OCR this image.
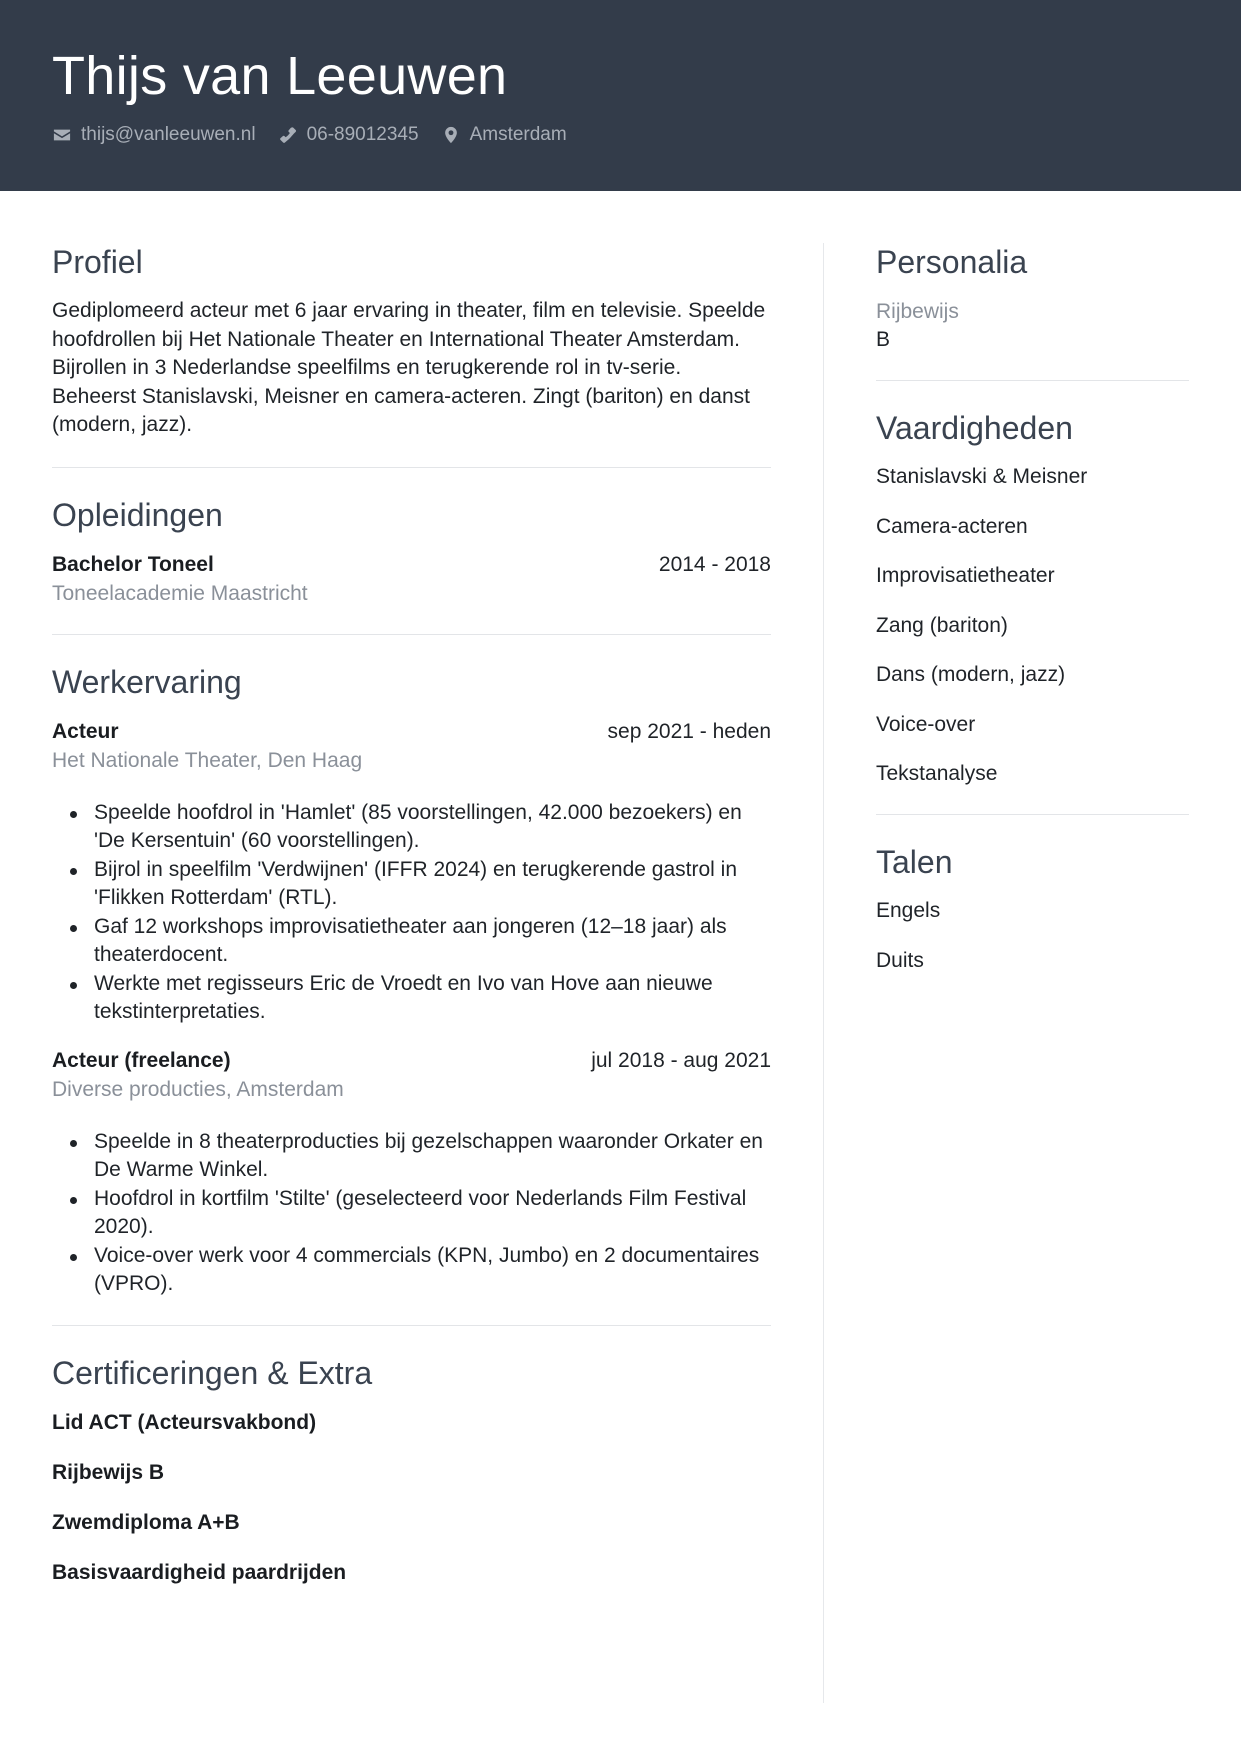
Thijs van Leeuwen
thijs@vanleeuwen.nl	06-89012345	Amsterdam
Profiel

Gediplomeerd acteur met 6 jaar ervaring in theater, film en televisie. Speelde hoofdrollen bij Het Nationale Theater en International Theater Amsterdam. Bijrollen in 3 Nederlandse speelfilms en terugkerende rol in tv-serie. Beheerst Stanislavski, Meisner en camera-acteren. Zingt (bariton) en danst (modern, jazz).

Opleidingen
Bachelor Toneel	2014 - 2018
Toneelacademie Maastricht
Werkervaring
Acteur	sep 2021 - heden
Het Nationale Theater, Den Haag
Speelde hoofdrol in 'Hamlet' (85 voorstellingen, 42.000 bezoekers) en 'De Kersentuin' (60 voorstellingen).
Bijrol in speelfilm 'Verdwijnen' (IFFR 2024) en terugkerende gastrol in 'Flikken Rotterdam' (RTL).
Gaf 12 workshops improvisatietheater aan jongeren (12–18 jaar) als theaterdocent.
Werkte met regisseurs Eric de Vroedt en Ivo van Hove aan nieuwe tekstinterpretaties.
Acteur (freelance)	jul 2018 - aug 2021
Diverse producties, Amsterdam
Speelde in 8 theaterproducties bij gezelschappen waaronder Orkater en De Warme Winkel.
Hoofdrol in kortfilm 'Stilte' (geselecteerd voor Nederlands Film Festival 2020).
Voice-over werk voor 4 commercials (KPN, Jumbo) en 2 documentaires (VPRO).
Certificeringen & Extra
Lid ACT (Acteursvakbond)
Rijbewijs B
Zwemdiploma A+B
Basisvaardigheid paardrijden
Personalia
Rijbewijs
B
Vaardigheden
Stanislavski & Meisner
Camera-acteren
Improvisatietheater
Zang (bariton)
Dans (modern, jazz)
Voice-over
Tekstanalyse
Talen
Engels
Duits
